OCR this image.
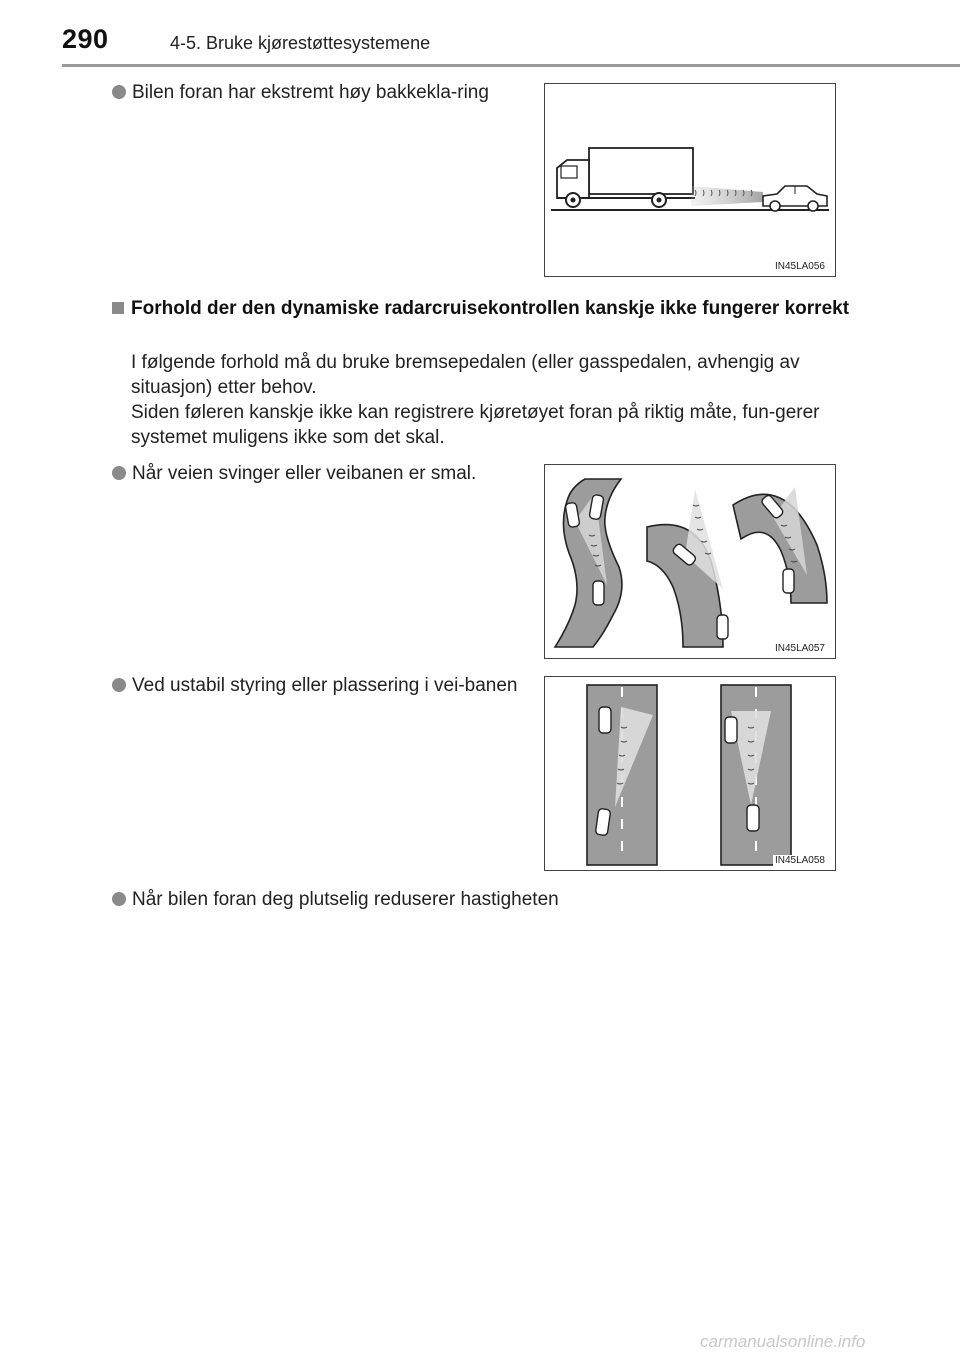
290	4-5. Bruke kjørestøttesystemene
Bilen foran har ekstremt høy bakkekla-ring
IN45LA056
Forhold der den dynamiske radarcruisekontrollen kanskje ikke fungerer korrekt
I følgende forhold må du bruke bremsepedalen (eller gasspedalen, avhengig av situasjon) etter behov.
Siden føleren kanskje ikke kan registrere kjøretøyet foran på riktig måte, fun-gerer systemet muligens ikke som det skal.
Når veien svinger eller veibanen er smal.
IN45LA057
Ved ustabil styring eller plassering i vei-banen
IN45LA058
Når bilen foran deg plutselig reduserer hastigheten
carmanualsonline.info
